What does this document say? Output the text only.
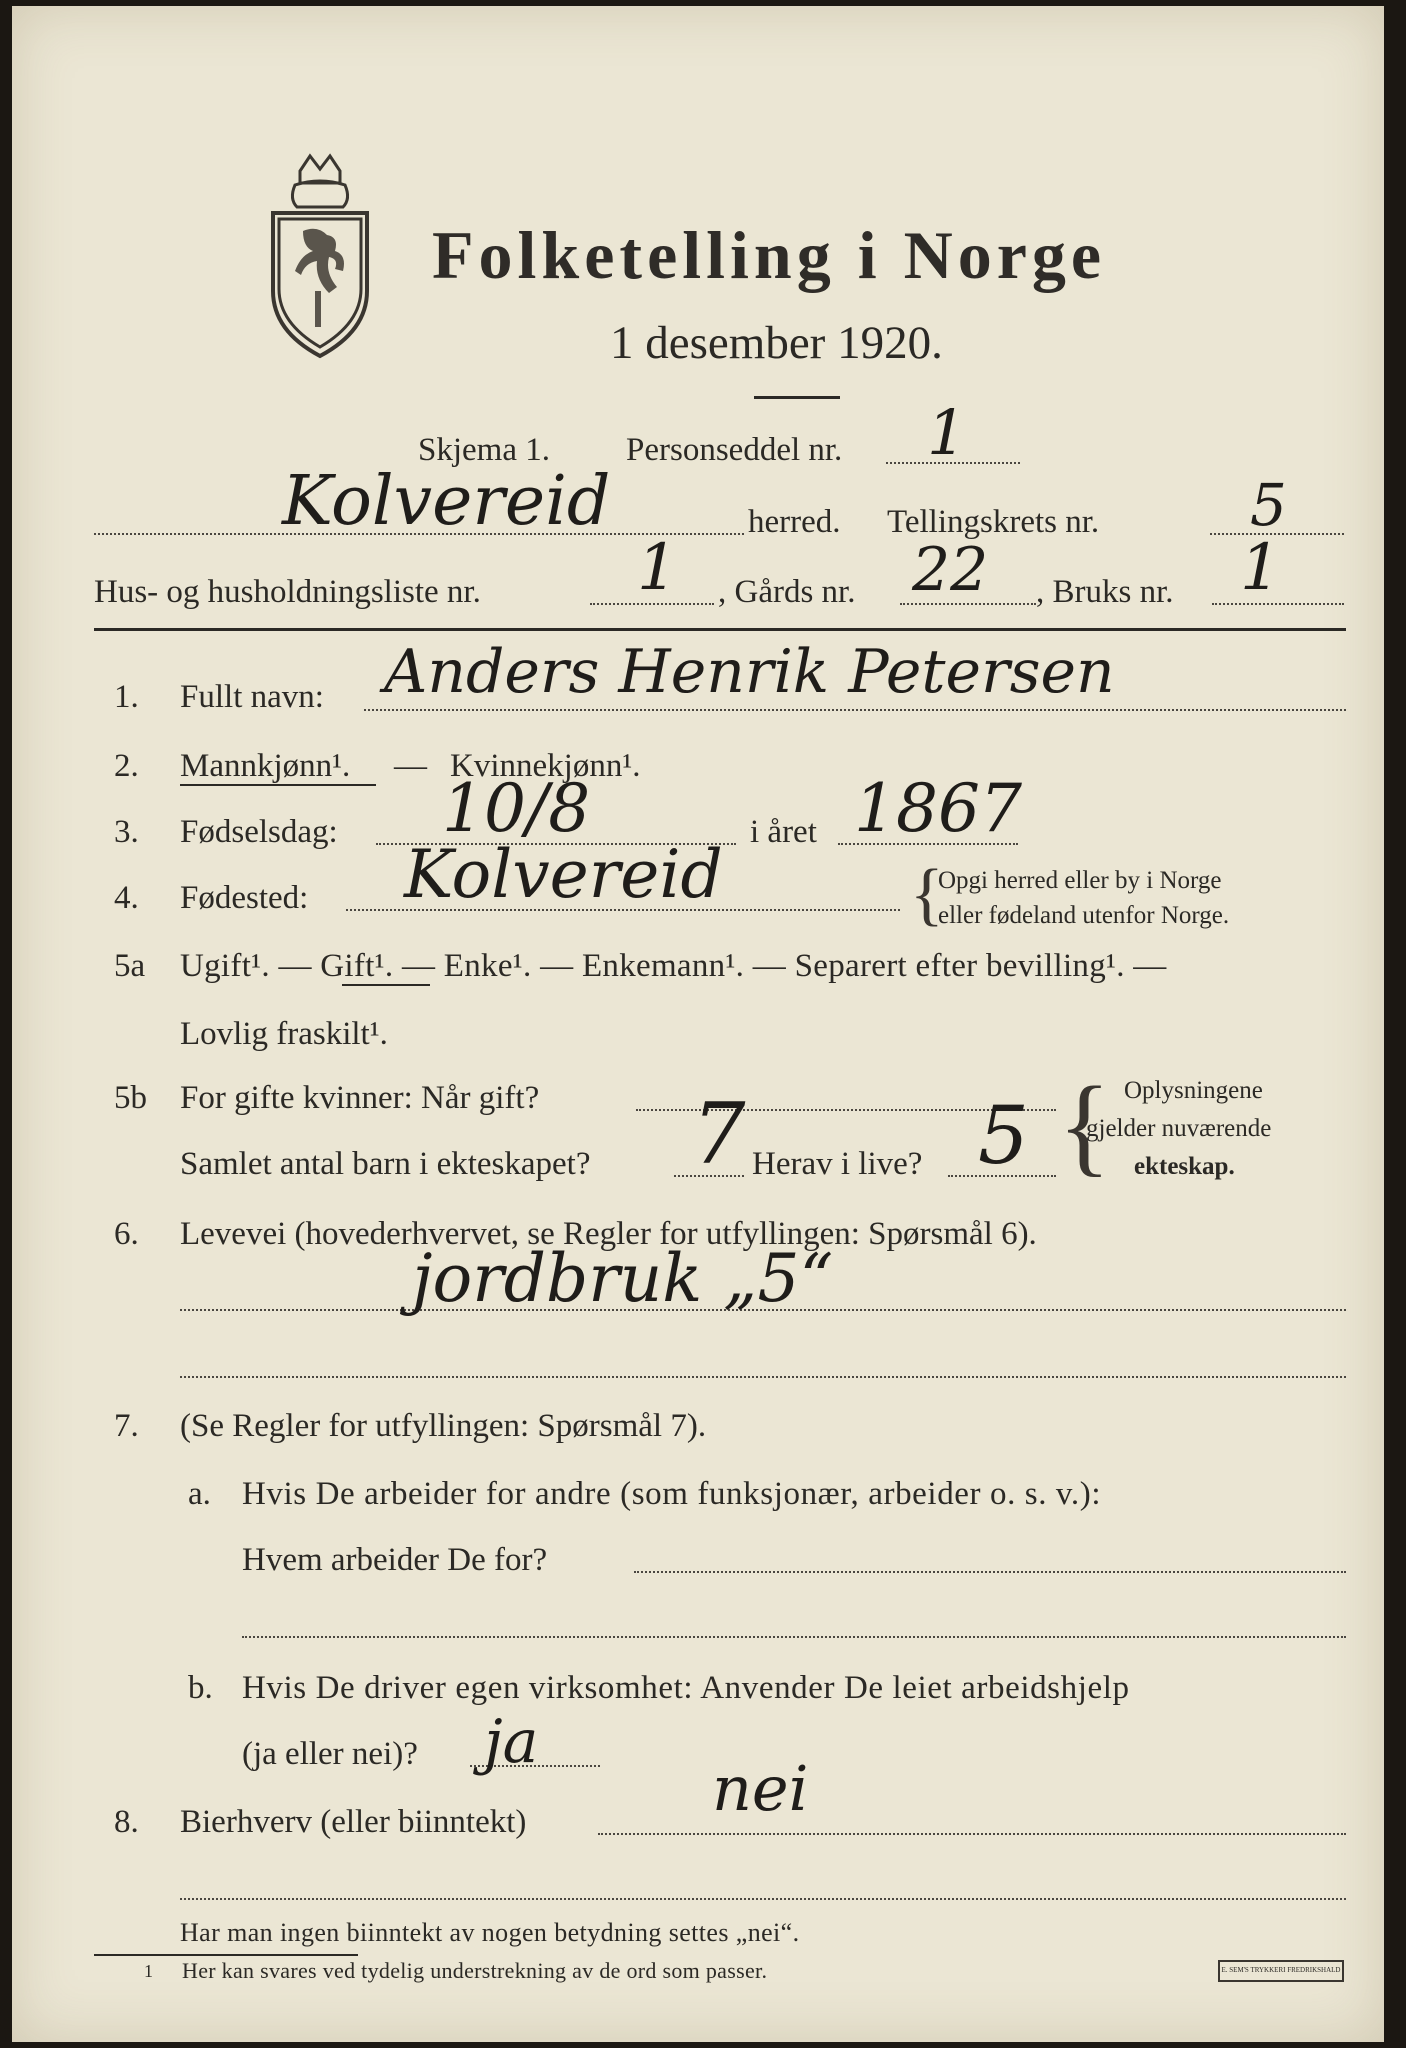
Folketelling i Norge
1 desember 1920.
Skjema 1. Personseddel nr. 1
Kolvereid	herred. Tellingskrets nr.	5
Hus- og husholdningsliste nr. 1 , Gårds nr. 22 , Bruks nr. 1
1. Fullt navn: Anders Henrik Petersen
2. Mannkjønn¹. — Kvinnekjønn¹.
3. Fødselsdag: 10/8	i året 1867
4. Fødested: Kolvereid	{
Opgi herred eller by i Norge
eller fødeland utenfor Norge.
5a Ugift¹. — Gift¹. — Enke¹. — Enkemann¹. — Separert efter bevilling¹. —
Lovlig fraskilt¹.
5b For gifte kvinner: Når gift?
Samlet antal barn i ekteskapet? 7 Herav i live? 5 { Oplysningene
gjelder nuværende
ekteskap.
6. Levevei (hovederhvervet, se Regler for utfyllingen: Spørsmål 6).
jordbruk „5“
7. (Se Regler for utfyllingen: Spørsmål 7).
a. Hvis De arbeider for andre (som funksjonær, arbeider o. s. v.):
Hvem arbeider De for?
b. Hvis De driver egen virksomhet: Anvender De leiet arbeidshjelp
(ja eller nei)? ja
8. Bierhverv (eller biinntekt)	nei
Har man ingen biinntekt av nogen betydning settes „nei“.
1 Her kan svares ved tydelig understrekning av de ord som passer.	E. SEM'S TRYKKERI FREDRIKSHALD
